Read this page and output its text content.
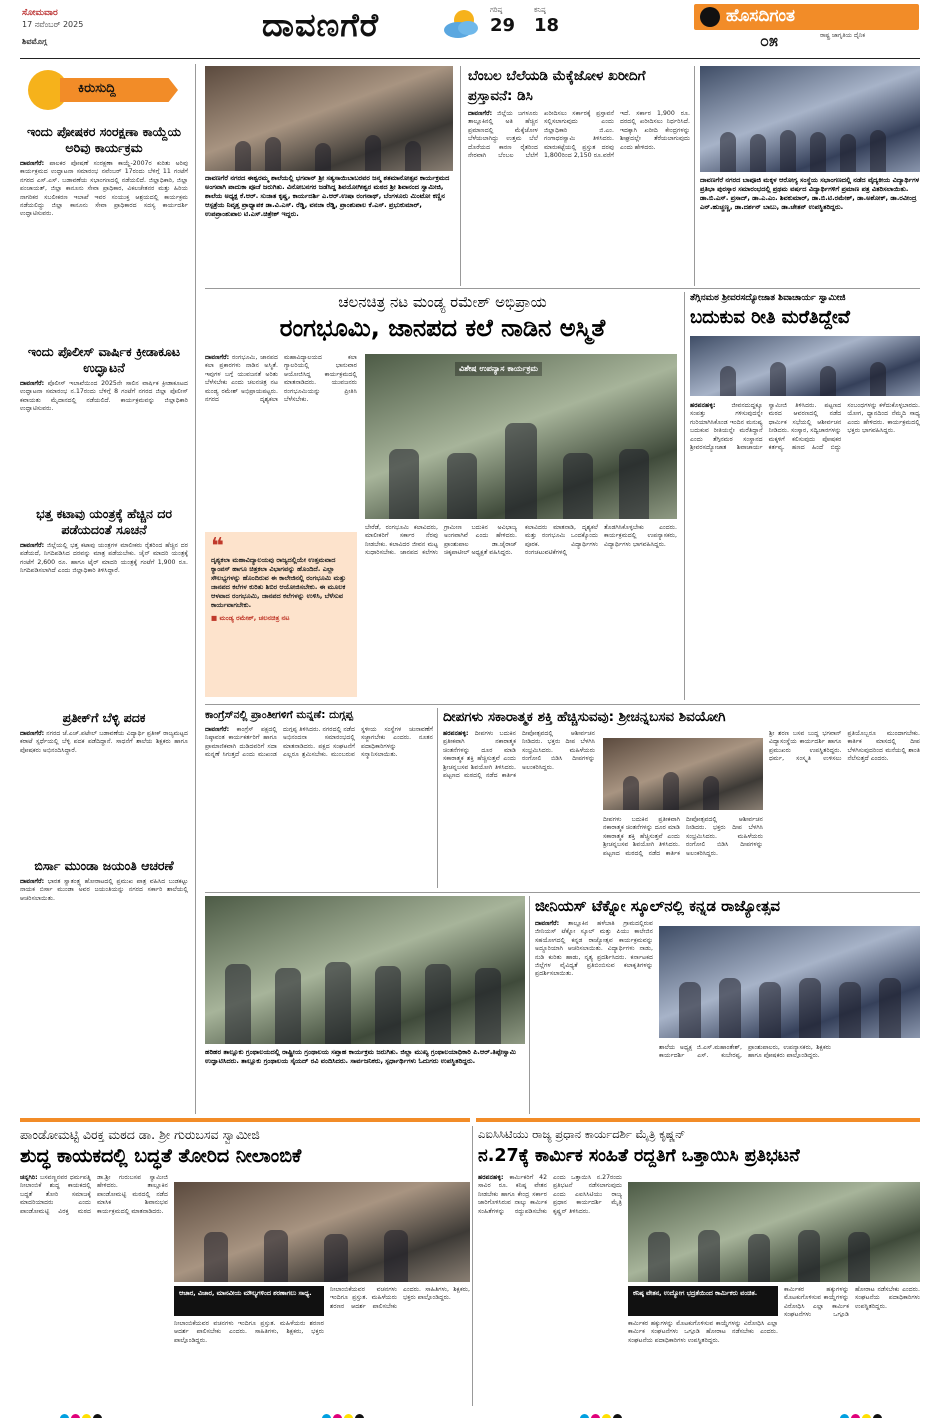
ಸೋಮವಾರ
17 ನವೆಂಬರ್ 2025
ಶಿವಮೊಗ್ಗ	ದಾವಣಗೆರೆ	ಗರಿಷ್ಠ
29
ಕನಿಷ್ಠ
18	ಹೊಸದಿಗಂತ
ರಾಷ್ಟ್ರ ಜಾಗೃತಿಯ ದೈನಿಕ
೦೫
ಕಿರುಸುದ್ದಿ
ಇಂದು ಪೋಷಕರ ಸಂರಕ್ಷಣಾ ಕಾಯ್ದೆಯ ಅರಿವು ಕಾರ್ಯಕ್ರಮ
ದಾವಣಗೆರೆ: ಪಾಲಕರ ಪೋಷಣೆ ಸಂರಕ್ಷಣಾ ಕಾಯ್ದೆ-2007ರ ಕುರಿತು ಅರಿವು ಕಾರ್ಯಕ್ರಮದ ಉದ್ಘಾಟನಾ ಸಮಾರಂಭ ನವೆಂಬರ್ 17ರಂದು ಬೆಳಿಗ್ಗೆ 11 ಗಂಟೆಗೆ ನಗರದ ಎಸ್.ಎಸ್. ಬಡಾವಣೆಯ ಸಭಾಂಗಣದಲ್ಲಿ ನಡೆಯಲಿದೆ. ಜಿಲ್ಲಾಧಿಕಾರಿ, ಜಿಲ್ಲಾ ಪಂಚಾಯತ್, ಜಿಲ್ಲಾ ಕಾನೂನು ಸೇವಾ ಪ್ರಾಧಿಕಾರ, ವಿಕಲಚೇತನರ ಮತ್ತು ಹಿರಿಯ ನಾಗರಿಕರ ಸಬಲೀಕರಣ ಇಲಾಖೆ ಇವರ ಸಂಯುಕ್ತ ಆಶ್ರಯದಲ್ಲಿ ಕಾರ್ಯಕ್ರಮ ನಡೆಯಲಿದ್ದು ಜಿಲ್ಲಾ ಕಾನೂನು ಸೇವಾ ಪ್ರಾಧಿಕಾರದ ಸದಸ್ಯ ಕಾರ್ಯದರ್ಶಿ ಉದ್ಘಾಟಿಸುವರು.
ಇಂದು ಪೊಲೀಸ್ ವಾರ್ಷಿಕ ಕ್ರೀಡಾಕೂಟ ಉದ್ಘಾಟನೆ
ದಾವಣಗೆರೆ: ಪೊಲೀಸ್ ಇಲಾಖೆಯಿಂದ 2025ನೇ ಸಾಲಿನ ವಾರ್ಷಿಕ ಕ್ರೀಡಾಕೂಟದ ಉದ್ಘಾಟನಾ ಸಮಾರಂಭ ನ.17ರಂದು ಬೆಳಿಗ್ಗೆ 8 ಗಂಟೆಗೆ ನಗರದ ಜಿಲ್ಲಾ ಪೊಲೀಸ್ ಕವಾಯತು ಮೈದಾನದಲ್ಲಿ ನಡೆಯಲಿದೆ. ಕಾರ್ಯಕ್ರಮವನ್ನು ಜಿಲ್ಲಾಧಿಕಾರಿ ಉದ್ಘಾಟಿಸುವರು.
ಭತ್ತ ಕಟಾವು ಯಂತ್ರಕ್ಕೆ ಹೆಚ್ಚಿನ ದರ ಪಡೆಯದಂತೆ ಸೂಚನೆ
ದಾವಣಗೆರೆ: ಜಿಲ್ಲೆಯಲ್ಲಿ ಭತ್ತ ಕಟಾವು ಯಂತ್ರಗಳ ಮಾಲೀಕರು ರೈತರಿಂದ ಹೆಚ್ಚಿನ ದರ ಪಡೆಯದೆ, ನಿಗದಿಪಡಿಸಿದ ದರವನ್ನು ಮಾತ್ರ ಪಡೆಯಬೇಕು. ಚೈನ್ ಮಾದರಿ ಯಂತ್ರಕ್ಕೆ ಗಂಟೆಗೆ 2,600 ರೂ. ಹಾಗೂ ಟೈರ್ ಮಾದರಿ ಯಂತ್ರಕ್ಕೆ ಗಂಟೆಗೆ 1,900 ರೂ. ನಿಗದಿಪಡಿಸಲಾಗಿದೆ ಎಂದು ಜಿಲ್ಲಾಧಿಕಾರಿ ತಿಳಿಸಿದ್ದಾರೆ.
ಪ್ರತೀಕ್‌ಗೆ ಬೆಳ್ಳಿ ಪದಕ
ದಾವಣಗೆರೆ: ನಗರದ ಜೆ.ಎಚ್.ಪಟೇಲ್ ಬಡಾವಣೆಯ ವಿದ್ಯಾರ್ಥಿ ಪ್ರತೀಕ್ ರಾಜ್ಯಮಟ್ಟದ ಕರಾಟೆ ಸ್ಪರ್ಧೆಯಲ್ಲಿ ಬೆಳ್ಳಿ ಪದಕ ಪಡೆದಿದ್ದಾನೆ. ಸಾಧನೆಗೆ ಶಾಲೆಯ ಶಿಕ್ಷಕರು ಹಾಗೂ ಪೋಷಕರು ಅಭಿನಂದಿಸಿದ್ದಾರೆ.
ಬಿರ್ಸಾ ಮುಂಡಾ ಜಯಂತಿ ಆಚರಣೆ
ದಾವಣಗೆರೆ: ಭಾರತ ಸ್ವಾತಂತ್ರ್ಯ ಹೋರಾಟದಲ್ಲಿ ಪ್ರಮುಖ ಪಾತ್ರ ವಹಿಸಿದ ಬುಡಕಟ್ಟು ನಾಯಕ ಬಿರ್ಸಾ ಮುಂಡಾ ಅವರ ಜಯಂತಿಯನ್ನು ನಗರದ ಸರ್ಕಾರಿ ಶಾಲೆಯಲ್ಲಿ ಆಚರಿಸಲಾಯಿತು.
ದಾವಣಗೆರೆ ನಗರದ ಈಶ್ವರಮ್ಮ ಶಾಲೆಯಲ್ಲಿ ಭಗವಾನ್ ಶ್ರೀ ಸತ್ಯಸಾಯಿಬಾಬರವರ ಜನ್ಮ ಶತಮಾನೋತ್ಸವ ಕಾರ್ಯಕ್ರಮದ ಅಂಗವಾಗಿ ಪಾದುಕಾ ಪೂಜೆ ಜರುಗಿತು. ವಿನೋಬನಗರ ಜಡೆಸಿದ್ದ ಶಿವಯೋಗೀಶ್ವರ ಮಠದ ಶ್ರೀ ಶಿವಾನಂದ ಸ್ವಾಮೀಜಿ, ಶಾಲೆಯ ಅಧ್ಯಕ್ಷ ಕೆ.ಆರ್. ಸುಜಾತ ಕೃಷ್ಣ, ಕಾರ್ಯದರ್ಶಿ ಎ.ಆರ್.ಉಷಾ ರಂಗನಾಥ್, ಬೆಂಗಳೂರು ಮಿಂಟೋ ಕಣ್ಣಿನ ಆಸ್ಪತ್ರೆಯ ನಿವೃತ್ತ ಪ್ರಾಧ್ಯಾಪಕ ಡಾ.ವಿ.ಎಸ್. ರೆಡ್ಡಿ, ವನಜಾ ರೆಡ್ಡಿ, ಪ್ರಾಂಶುಪಾಲ ಕೆ.ಎಸ್. ಪ್ರಭುಕುಮಾರ್, ಉಪಪ್ರಾಂಶುಪಾಲ ಟಿ.ಎಸ್.ಚಿತ್ರೇಶ್ ಇದ್ದರು.
ಬೆಂಬಲ ಬೆಲೆಯಡಿ ಮೆಕ್ಕೆಜೋಳ ಖರೀದಿಗೆ ಪ್ರಸ್ತಾವನೆ: ಡಿಸಿ
ದಾವಣಗೆರೆ: ಜಿಲ್ಲೆಯ ಜಗಳೂರು ತಾಲ್ಲೂಕಿನಲ್ಲಿ ಅತಿ ಹೆಚ್ಚಿನ ಪ್ರಮಾಣದಲ್ಲಿ ಮೆಕ್ಕೆಜೋಳ ಬೆಳೆಯಲಾಗಿದ್ದು ಉತ್ತಮ ಬೆಲೆ ದೊರೆಯದ ಕಾರಣ ರೈತರಿಂದ ನೇರವಾಗಿ ಬೆಂಬಲ ಬೆಲೆಗೆ ಖರೀದಿಸಲು ಸರ್ಕಾರಕ್ಕೆ ಪ್ರಸ್ತಾವನೆ ಸಲ್ಲಿಸಲಾಗುವುದು ಎಂದು ಜಿಲ್ಲಾಧಿಕಾರಿ ಜಿ.ಎಂ. ಗಂಗಾಧರಸ್ವಾಮಿ ತಿಳಿಸಿದರು. ಮಾರುಕಟ್ಟೆಯಲ್ಲಿ ಪ್ರಸ್ತುತ ದರವು 1,800ರಿಂದ 2,150 ರೂ.ವರೆಗೆ ಇದೆ. ಸರ್ಕಾರ 1,900 ರೂ. ದರದಲ್ಲಿ ಖರೀದಿಸಲು ನಿರ್ಧರಿಸಿದೆ. ಇದಕ್ಕಾಗಿ ಖರೀದಿ ಕೇಂದ್ರಗಳನ್ನು ಶೀಘ್ರದಲ್ಲೇ ತೆರೆಯಲಾಗುವುದು ಎಂದು ಹೇಳಿದರು.
ದಾವಣಗೆರೆ ನಗರದ ಬಾಪೂಜಿ ಮಕ್ಕಳ ಆರೋಗ್ಯ ಸಂಸ್ಥೆಯ ಸಭಾಂಗಣದಲ್ಲಿ ನಡೆದ ವೈದ್ಯಕೀಯ ವಿದ್ಯಾರ್ಥಿಗಳ ಪ್ರತಿಭಾ ಪುರಸ್ಕಾರ ಸಮಾರಂಭದಲ್ಲಿ ಪ್ರಥಮ ವರ್ಷದ ವಿದ್ಯಾರ್ಥಿಗಳಿಗೆ ಪ್ರಮಾಣ ಪತ್ರ ವಿತರಿಸಲಾಯಿತು. ಡಾ.ಬಿ.ಎಸ್. ಪ್ರಸಾದ್, ಡಾ.ಎ.ಎಂ. ಶಿವಕುಮಾರ್, ಡಾ.ಬಿ.ಟಿ.ರಮೇಶ್, ಡಾ.ಅಶೋಕ್, ಡಾ.ರವೀಂದ್ರ ಎನ್.ಹುಚ್ಚಣ್ಣ, ಡಾ.ದರ್ಶನ್ ಬಾಬು, ಡಾ.ಚೇತನ್ ಉಪಸ್ಥಿತರಿದ್ದರು.
ಚಲನಚಿತ್ರ ನಟ ಮಂಡ್ಯ ರಮೇಶ್ ಅಭಿಪ್ರಾಯ
ರಂಗಭೂಮಿ, ಜಾನಪದ ಕಲೆ ನಾಡಿನ ಅಸ್ಮಿತೆ
ದಾವಣಗೆರೆ: ರಂಗಭೂಮಿ, ಜಾನಪದ ಕಲಾ ಪ್ರಕಾರಗಳು ನಾಡಿನ ಅಸ್ಮಿತೆ. ಇವುಗಳ ಬಗ್ಗೆ ಯುವಜನತೆ ಅರಿತು ಬೆಳೆಸಬೇಕು ಎಂದು ಚಲನಚಿತ್ರ ನಟ ಮಂಡ್ಯ ರಮೇಶ್ ಅಭಿಪ್ರಾಯಪಟ್ಟರು. ನಗರದ ದೃಶ್ಯಕಲಾ ಮಹಾವಿದ್ಯಾಲಯದ ಕಲಾ ಗ್ಯಾಲರಿಯಲ್ಲಿ ಭಾನುವಾರ ಆಯೋಜಿಸಿದ್ದ ಕಾರ್ಯಕ್ರಮದಲ್ಲಿ ಮಾತನಾಡಿದರು. ಯುವಜನರು ರಂಗಭೂಮಿಯನ್ನು ಪ್ರೀತಿಸಿ ಬೆಳೆಸಬೇಕು.
ವಿಶೇಷ ಉಪನ್ಯಾಸ ಕಾರ್ಯಕ್ರಮ
❝
ದೃಶ್ಯಕಲಾ ಮಹಾವಿದ್ಯಾಲಯವು ರಾಜ್ಯದಲ್ಲಿಯೇ ಉತ್ತಮವಾದ ಕ್ಯಾಂಪಸ್ ಹಾಗೂ ಚಿತ್ರಕಲಾ ವಿಭಾಗವನ್ನು ಹೊಂದಿದೆ. ಎಲ್ಲಾ ಸೌಲಭ್ಯಗಳನ್ನು ಹೊಂದಿರುವ ಈ ಕಾಲೇಜಿನಲ್ಲಿ ರಂಗಭೂಮಿ ಮತ್ತು ಜಾನಪದ ಕಲೆಗಳ ಕುರಿತು ಶಿಬಿರ ಆಯೋಜಿಸಬೇಕು. ಈ ಮೂಲಕ ಆಳವಾದ ರಂಗಭೂಮಿ, ಜಾನಪದ ಕಲೆಗಳನ್ನು ಉಳಿಸಿ, ಬೆಳೆಸುವ ಕಾರ್ಯವಾಗಬೇಕು.
■ ಮಂಡ್ಯ ರಮೇಶ್, ಚಲನಚಿತ್ರ ನಟ
ಬೇರೆಡೆ, ರಂಗಭೂಮಿ ಕಲಾವಿದರು, ಮಾಲೀಕರಿಗೆ ಸರ್ಕಾರ ನೆರವು ನೀಡಬೇಕು. ಕಲಾವಿದರ ಜೀವನ ಮಟ್ಟ ಸುಧಾರಿಸಬೇಕು. ಜಾನಪದ ಕಲೆಗಳು ಗ್ರಾಮೀಣ ಬದುಕಿನ ಅವಿಭಾಜ್ಯ ಅಂಗವಾಗಿವೆ ಎಂದು ಹೇಳಿದರು. ಪ್ರಾಂಶುಪಾಲ ಡಾ.ಜೈರಾಜ್ ಚಿಕ್ಕಪಾಟೀಲ್ ಅಧ್ಯಕ್ಷತೆ ವಹಿಸಿದ್ದರು.
ಕಲಾವಿದರು ಮಾತನಾಡಿ, ದೃಶ್ಯಕಲೆ ಮತ್ತು ರಂಗಭೂಮಿ ಒಂದಕ್ಕೊಂದು ಪೂರಕ. ವಿದ್ಯಾರ್ಥಿಗಳು ರಂಗಚಟುವಟಿಕೆಗಳಲ್ಲಿ ತೊಡಗಿಸಿಕೊಳ್ಳಬೇಕು ಎಂದರು. ಕಾರ್ಯಕ್ರಮದಲ್ಲಿ ಉಪನ್ಯಾಸಕರು, ವಿದ್ಯಾರ್ಥಿಗಳು ಭಾಗವಹಿಸಿದ್ದರು.
ತೆಗ್ಗಿನಮಠ ಶ್ರೀವರಸದ್ಯೋಜಾತ ಶಿವಾಚಾರ್ಯ ಸ್ವಾಮೀಜಿ
ಬದುಕುವ ರೀತಿ ಮರೆತಿದ್ದೇವೆ
ಹರಪನಹಳ್ಳಿ:	ಜೀವನದುದ್ದಕ್ಕೂ ಸಂಪತ್ತು ಗಳಿಸುವುದನ್ನೇ ಗುರಿಯಾಗಿಸಿಕೊಂಡ ಇಂದಿನ ಮನುಷ್ಯ ಬದುಕುವ ರೀತಿಯನ್ನೇ ಮರೆತಿದ್ದಾನೆ ಎಂದು ತೆಗ್ಗಿನಮಠ ಸಂಸ್ಥಾನದ ಶ್ರೀವರಸದ್ಯೋಜಾತ ಶಿವಾಚಾರ್ಯ ಸ್ವಾಮೀಜಿ ತಿಳಿಸಿದರು. ಪಟ್ಟಣದ ಮಠದ ಆವರಣದಲ್ಲಿ ನಡೆದ ಧಾರ್ಮಿಕ ಸಭೆಯಲ್ಲಿ ಆಶೀರ್ವಚನ ನೀಡಿದರು. ಸಂಸ್ಕಾರ, ಸದ್ವಿಚಾರಗಳನ್ನು ಮಕ್ಕಳಿಗೆ ಕಲಿಸುವುದು ಪೋಷಕರ ಕರ್ತವ್ಯ. ಹಣದ ಹಿಂದೆ ಬಿದ್ದು ಸಂಬಂಧಗಳನ್ನು ಕಳೆದುಕೊಳ್ಳಬಾರದು. ಯೋಗ, ಧ್ಯಾನದಿಂದ ನೆಮ್ಮದಿ ಸಾಧ್ಯ ಎಂದು ಹೇಳಿದರು. ಕಾರ್ಯಕ್ರಮದಲ್ಲಿ ಭಕ್ತರು ಭಾಗವಹಿಸಿದ್ದರು.
ಕಾಂಗ್ರೆಸ್‌ನಲ್ಲಿ ಪ್ರಾಂತೀಗಳಿಗೆ ಮನ್ನಣೆ: ದುಗ್ಗಪ್ಪ
ದಾವಣಗೆರೆ: ಕಾಂಗ್ರೆಸ್ ಪಕ್ಷದಲ್ಲಿ ನಿಷ್ಠಾವಂತ ಕಾರ್ಯಕರ್ತರಿಗೆ ಹಾಗೂ ಪ್ರಾಮಾಣಿಕವಾಗಿ ದುಡಿದವರಿಗೆ ಸದಾ ಮನ್ನಣೆ ಸಿಗುತ್ತದೆ ಎಂದು ಮುಖಂಡ ದುಗ್ಗಪ್ಪ ತಿಳಿಸಿದರು. ನಗರದಲ್ಲಿ ನಡೆದ ಅಭಿನಂದನಾ ಸಮಾರಂಭದಲ್ಲಿ ಮಾತನಾಡಿದರು. ಪಕ್ಷದ ಸಂಘಟನೆಗೆ ಎಲ್ಲರೂ ಶ್ರಮಿಸಬೇಕು. ಮುಂಬರುವ ಸ್ಥಳೀಯ ಸಂಸ್ಥೆಗಳ ಚುನಾವಣೆಗೆ ಸಜ್ಜಾಗಬೇಕು ಎಂದರು. ನೂತನ ಪದಾಧಿಕಾರಿಗಳನ್ನು ಸನ್ಮಾನಿಸಲಾಯಿತು.
ದೀಪಗಳು ಸಕಾರಾತ್ಮಕ ಶಕ್ತಿ ಹೆಚ್ಚಿಸುವವು: ಶ್ರೀಚನ್ನಬಸವ ಶಿವಯೋಗಿ
ಹರಪನಹಳ್ಳಿ: ದೀಪಗಳು ಬದುಕಿನ ಪ್ರತೀಕವಾಗಿ ನಕಾರಾತ್ಮಕ ಚಿಂತನೆಗಳನ್ನು ದೂರ ಮಾಡಿ ಸಕಾರಾತ್ಮಕ ಶಕ್ತಿ ಹೆಚ್ಚಿಸುತ್ತವೆ ಎಂದು ಶ್ರೀಚನ್ನಬಸವ ಶಿವಯೋಗಿ ತಿಳಿಸಿದರು. ಪಟ್ಟಣದ ಮಠದಲ್ಲಿ ನಡೆದ ಕಾರ್ತಿಕ ದೀಪೋತ್ಸವದಲ್ಲಿ ಆಶೀರ್ವಚನ ನೀಡಿದರು. ಭಕ್ತರು ದೀಪ ಬೆಳಗಿಸಿ ಸಂಭ್ರಮಿಸಿದರು. ಮಹಿಳೆಯರು ರಂಗೋಲಿ ಬಿಡಿಸಿ ದೀಪಗಳನ್ನು ಅಲಂಕರಿಸಿದ್ದರು.
ಶ್ರೀ ಶರಣ ಬಸವ ಬುದ್ಧ ಭಗವಾನ್ ವಿದ್ಯಾಸಂಸ್ಥೆಯ ಕಾರ್ಯದರ್ಶಿ ಹಾಗೂ ಪ್ರಮುಖರು ಉಪಸ್ಥಿತರಿದ್ದರು. ಧರ್ಮ, ಸಂಸ್ಕೃತಿ ಉಳಿಸಲು ಪ್ರತಿಯೊಬ್ಬರೂ ಮುಂದಾಗಬೇಕು. ಕಾರ್ತಿಕ ಮಾಸದಲ್ಲಿ ದೀಪ ಬೆಳಗಿಸುವುದರಿಂದ ಮನೆಯಲ್ಲಿ ಶಾಂತಿ ನೆಲೆಸುತ್ತದೆ ಎಂದರು.
ದೀಪಗಳು ಬದುಕಿನ ಪ್ರತೀಕವಾಗಿ ನಕಾರಾತ್ಮಕ ಚಿಂತನೆಗಳನ್ನು ದೂರ ಮಾಡಿ ಸಕಾರಾತ್ಮಕ ಶಕ್ತಿ ಹೆಚ್ಚಿಸುತ್ತವೆ ಎಂದು ಶ್ರೀಚನ್ನಬಸವ ಶಿವಯೋಗಿ ತಿಳಿಸಿದರು. ಪಟ್ಟಣದ ಮಠದಲ್ಲಿ ನಡೆದ ಕಾರ್ತಿಕ ದೀಪೋತ್ಸವದಲ್ಲಿ ಆಶೀರ್ವಚನ ನೀಡಿದರು. ಭಕ್ತರು ದೀಪ ಬೆಳಗಿಸಿ ಸಂಭ್ರಮಿಸಿದರು. ಮಹಿಳೆಯರು ರಂಗೋಲಿ ಬಿಡಿಸಿ ದೀಪಗಳನ್ನು ಅಲಂಕರಿಸಿದ್ದರು.
ಹರಿಹರ ತಾಲ್ಲೂಕು ಗ್ರಂಥಾಲಯದಲ್ಲಿ ರಾಷ್ಟ್ರೀಯ ಗ್ರಂಥಾಲಯ ಸಪ್ತಾಹ ಕಾರ್ಯಕ್ರಮ ಜರುಗಿತು. ಜಿಲ್ಲಾ ಮುಖ್ಯ ಗ್ರಂಥಾಲಯಾಧಿಕಾರಿ ಪಿ.ಆರ್.ತಿಪ್ಪೇಸ್ವಾಮಿ ಉದ್ಘಾಟಿಸಿದರು. ತಾಲ್ಲೂಕು ಗ್ರಂಥಾಲಯ ಸೈಯದ್ ರವಿ ವಂದಿಸಿದರು. ಸಾರ್ವಜನಿಕರು, ಸ್ಪರ್ಧಾರ್ಥಿಗಳು ಓದುಗರು ಉಪಸ್ಥಿತರಿದ್ದರು.
ಜೀನಿಯಸ್ ಟೆಕ್ನೋ ಸ್ಕೂಲ್‌ನಲ್ಲಿ ಕನ್ನಡ ರಾಜ್ಯೋತ್ಸವ
ದಾವಣಗೆರೆ: ತಾಲ್ಲೂಕಿನ ಹಳೆಬಾತಿ ಗ್ರಾಮದಲ್ಲಿರುವ ಜೀನಿಯಸ್ ಟೆಕ್ನೋ ಸ್ಕೂಲ್ ಮತ್ತು ಪಿಯು ಕಾಲೇಜಿನ ಸಹಯೋಗದಲ್ಲಿ ಕನ್ನಡ ರಾಜ್ಯೋತ್ಸವ ಕಾರ್ಯಕ್ರಮವನ್ನು ಅದ್ದೂರಿಯಾಗಿ ಆಚರಿಸಲಾಯಿತು. ವಿದ್ಯಾರ್ಥಿಗಳು ನಾಡು, ನುಡಿ ಕುರಿತು ಹಾಡು, ನೃತ್ಯ ಪ್ರದರ್ಶಿಸಿದರು. ಕರ್ನಾಟಕದ ಜಿಲ್ಲೆಗಳ ವೈವಿಧ್ಯತೆ ಪ್ರತಿಬಿಂಬಿಸುವ ಕಲಾಕೃತಿಗಳನ್ನು ಪ್ರದರ್ಶಿಸಲಾಯಿತು.
ಶಾಲೆಯ ಅಧ್ಯಕ್ಷ ಜಿ.ಎಸ್.ಮಹಾಂತೇಶ್, ಕಾರ್ಯದರ್ಶಿ ಎಸ್. ಕುಬೇರಪ್ಪ, ಪ್ರಾಂಶುಪಾಲರು, ಉಪನ್ಯಾಸಕರು, ಶಿಕ್ಷಕರು ಹಾಗೂ ಪೋಷಕರು ಪಾಲ್ಗೊಂಡಿದ್ದರು.
ಪಾಂಡೋಮಟ್ಟಿ ವಿರಕ್ತ ಮಠದ ಡಾ. ಶ್ರೀ ಗುರುಬಸವ ಸ್ವಾಮೀಜಿ
ಶುದ್ಧ ಕಾಯಕದಲ್ಲಿ ಬದ್ಧತೆ ತೋರಿದ ನೀಲಾಂಬಿಕೆ
ಚನ್ನಗಿರಿ: ಬಸವಣ್ಣನವರ ಧರ್ಮಪತ್ನಿ ನೀಲಾಂಬಿಕೆ ಶುದ್ಧ ಕಾಯಕದಲ್ಲಿ ಬದ್ಧತೆ ತೋರಿ ಸಮಾಜಕ್ಕೆ ಮಾದರಿಯಾದರು ಎಂದು ಪಾಂಡೋಮಟ್ಟಿ ವಿರಕ್ತ ಮಠದ ಡಾ.ಶ್ರೀ ಗುರುಬಸವ ಸ್ವಾಮೀಜಿ ಹೇಳಿದರು. ತಾಲ್ಲೂಕಿನ ಪಾಂಡೋಮಟ್ಟಿ ಮಠದಲ್ಲಿ ನಡೆದ ಮಾಸಿಕ ಶಿವಾನುಭವ ಕಾರ್ಯಕ್ರಮದಲ್ಲಿ ಮಾತನಾಡಿದರು.
ಆಚಾರ, ವಿಚಾರ, ಮಾನವೀಯ ಮೌಲ್ಯಗಳಿಂದ ಶರಣಾಗಲು ಸಾಧ್ಯ.
ನೀಲಾಂಬಿಕೆಯವರ ವಚನಗಳು ಇಂದಿಗೂ ಪ್ರಸ್ತುತ. ಮಹಿಳೆಯರು ಶರಣರ ಆದರ್ಶ ಪಾಲಿಸಬೇಕು ಎಂದರು. ಸಾಹಿತಿಗಳು, ಶಿಕ್ಷಕರು, ಭಕ್ತರು ಪಾಲ್ಗೊಂಡಿದ್ದರು.
ನೀಲಾಂಬಿಕೆಯವರ ವಚನಗಳು ಇಂದಿಗೂ ಪ್ರಸ್ತುತ. ಮಹಿಳೆಯರು ಶರಣರ ಆದರ್ಶ ಪಾಲಿಸಬೇಕು ಎಂದರು. ಸಾಹಿತಿಗಳು, ಶಿಕ್ಷಕರು, ಭಕ್ತರು ಪಾಲ್ಗೊಂಡಿದ್ದರು.
ಎಐಸಿಸಿಟಿಯು ರಾಜ್ಯ ಪ್ರಧಾನ ಕಾರ್ಯದರ್ಶಿ ಮೈತ್ರಿ ಕೃಷ್ಣನ್
ನ.27ಕ್ಕೆ ಕಾರ್ಮಿಕ ಸಂಹಿತೆ ರದ್ದತಿಗೆ ಒತ್ತಾಯಿಸಿ ಪ್ರತಿಭಟನೆ
ಹರಪನಹಳ್ಳಿ: ಕಾರ್ಮಿಕರಿಗೆ 42 ಸಾವಿರ ರೂ. ಕನಿಷ್ಠ ವೇತನ ನೀಡಬೇಕು ಹಾಗೂ ಕೇಂದ್ರ ಸರ್ಕಾರ ಜಾರಿಗೊಳಿಸಿರುವ ನಾಲ್ಕು ಕಾರ್ಮಿಕ ಸಂಹಿತೆಗಳನ್ನು ರದ್ದುಪಡಿಸಬೇಕು ಎಂದು ಒತ್ತಾಯಿಸಿ ನ.27ರಂದು ಪ್ರತಿಭಟನೆ ನಡೆಸಲಾಗುವುದು ಎಂದು ಎಐಸಿಸಿಟಿಯು ರಾಜ್ಯ ಪ್ರಧಾನ ಕಾರ್ಯದರ್ಶಿ ಮೈತ್ರಿ ಕೃಷ್ಣನ್ ತಿಳಿಸಿದರು.
ಕನಿಷ್ಠ ವೇತನ, ಉದ್ಯೋಗ ಭದ್ರತೆಯಿಂದ ಕಾರ್ಮಿಕರು ವಂಚಿತ.
ಕಾರ್ಮಿಕರ ಹಕ್ಕುಗಳನ್ನು ಮೊಟಕುಗೊಳಿಸುವ ಕಾಯ್ದೆಗಳನ್ನು ವಿರೋಧಿಸಿ ಎಲ್ಲಾ ಕಾರ್ಮಿಕ ಸಂಘಟನೆಗಳು ಒಗ್ಗೂಡಿ ಹೋರಾಟ ನಡೆಸಬೇಕು ಎಂದರು. ಸಂಘಟನೆಯ ಪದಾಧಿಕಾರಿಗಳು ಉಪಸ್ಥಿತರಿದ್ದರು.
ಕಾರ್ಮಿಕರ ಹಕ್ಕುಗಳನ್ನು ಮೊಟಕುಗೊಳಿಸುವ ಕಾಯ್ದೆಗಳನ್ನು ವಿರೋಧಿಸಿ ಎಲ್ಲಾ ಕಾರ್ಮಿಕ ಸಂಘಟನೆಗಳು ಒಗ್ಗೂಡಿ ಹೋರಾಟ ನಡೆಸಬೇಕು ಎಂದರು. ಸಂಘಟನೆಯ ಪದಾಧಿಕಾರಿಗಳು ಉಪಸ್ಥಿತರಿದ್ದರು.
